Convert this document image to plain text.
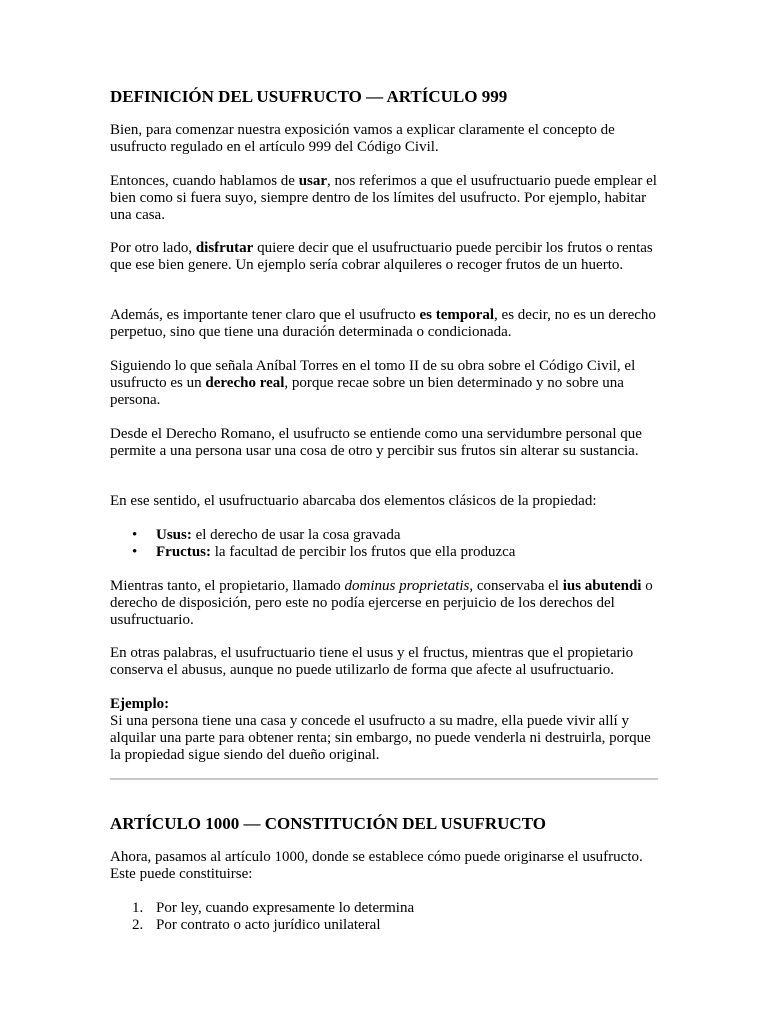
DEFINICIÓN DEL USUFRUCTO — ARTÍCULO 999

Bien, para comenzar nuestra exposición vamos a explicar claramente el concepto de usufructo regulado en el artículo 999 del Código Civil.

Entonces, cuando hablamos de usar, nos referimos a que el usufructuario puede emplear el bien como si fuera suyo, siempre dentro de los límites del usufructo. Por ejemplo, habitar una casa.

Por otro lado, disfrutar quiere decir que el usufructuario puede percibir los frutos o rentas que ese bien genere. Un ejemplo sería cobrar alquileres o recoger frutos de un huerto.

Además, es importante tener claro que el usufructo es temporal, es decir, no es un derecho perpetuo, sino que tiene una duración determinada o condicionada.

Siguiendo lo que señala Aníbal Torres en el tomo II de su obra sobre el Código Civil, el usufructo es un derecho real, porque recae sobre un bien determinado y no sobre una persona.

Desde el Derecho Romano, el usufructo se entiende como una servidumbre personal que permite a una persona usar una cosa de otro y percibir sus frutos sin alterar su sustancia.

En ese sentido, el usufructuario abarcaba dos elementos clásicos de la propiedad:

• Usus: el derecho de usar la cosa gravada
• Fructus: la facultad de percibir los frutos que ella produzca

Mientras tanto, el propietario, llamado dominus proprietatis, conservaba el ius abutendi o derecho de disposición, pero este no podía ejercerse en perjuicio de los derechos del usufructuario.

En otras palabras, el usufructuario tiene el usus y el fructus, mientras que el propietario conserva el abusus, aunque no puede utilizarlo de forma que afecte al usufructuario.

Ejemplo:
Si una persona tiene una casa y concede el usufructo a su madre, ella puede vivir allí y alquilar una parte para obtener renta; sin embargo, no puede venderla ni destruirla, porque la propiedad sigue siendo del dueño original.

ARTÍCULO 1000 — CONSTITUCIÓN DEL USUFRUCTO

Ahora, pasamos al artículo 1000, donde se establece cómo puede originarse el usufructo. Este puede constituirse:

1. Por ley, cuando expresamente lo determina
2. Por contrato o acto jurídico unilateral
